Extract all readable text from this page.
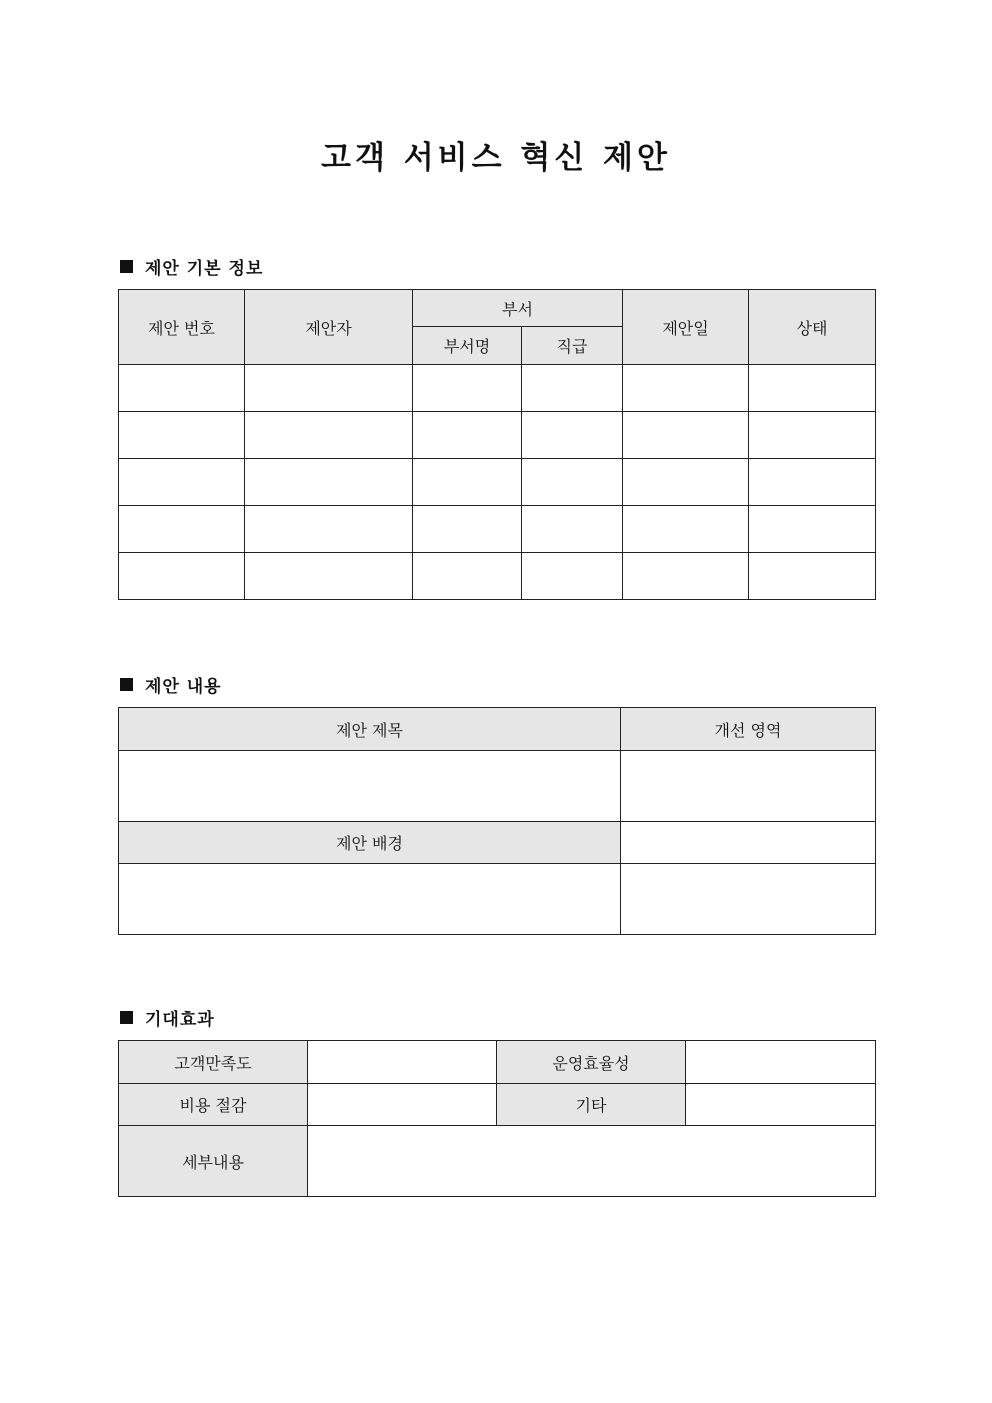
고객 서비스 혁신 제안
제안 기본 정보
제안 번호	제안자	부서		제안일	상태
		부서명	직급		

제안 내용
제안 제목	개선 영역

제안 배경	

기대효과
고객만족도		운영효율성	
비용 절감		기타	
세부내용			
